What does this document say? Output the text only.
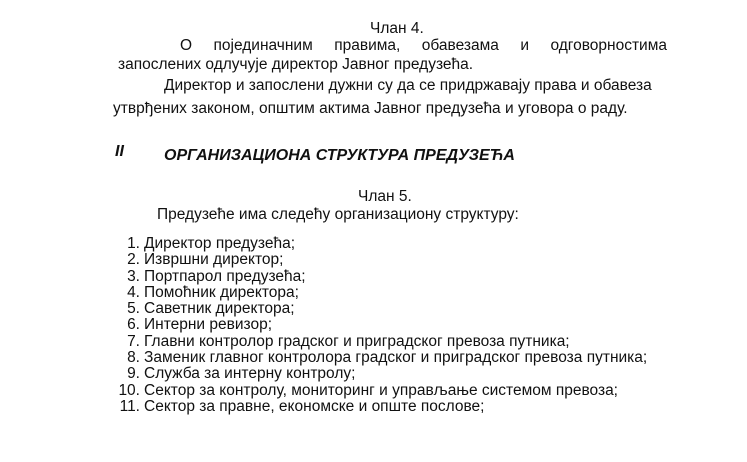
Члан 4.
О појединачним правима, обавезама и одговорностима
запослених одлучује директор Јавног предузећа.
Директор и запослени дужни су да се придржавају права и обавеза
утврђених законом, општим актима Јавног предузећа и уговора о раду.
II	ОРГАНИЗАЦИОНА СТРУКТУРА ПРЕДУЗЕЋА
Члан 5.
Предузеће има следећу организациону структуру:
1. Директор предузећа;
2. Извршни директор;
3. Портпарол предузећа;
4. Помоћник директора;
5. Саветник директора;
6. Интерни ревизор;
7. Главни контролор градског и приградског превоза путника;
8. Заменик главног контролора градског и приградског превоза путника;
9. Служба за интерну контролу;
10. Сектор за контролу, мониторинг и управљање системом превоза;
11. Сектор за правне, економске и опште послове;
